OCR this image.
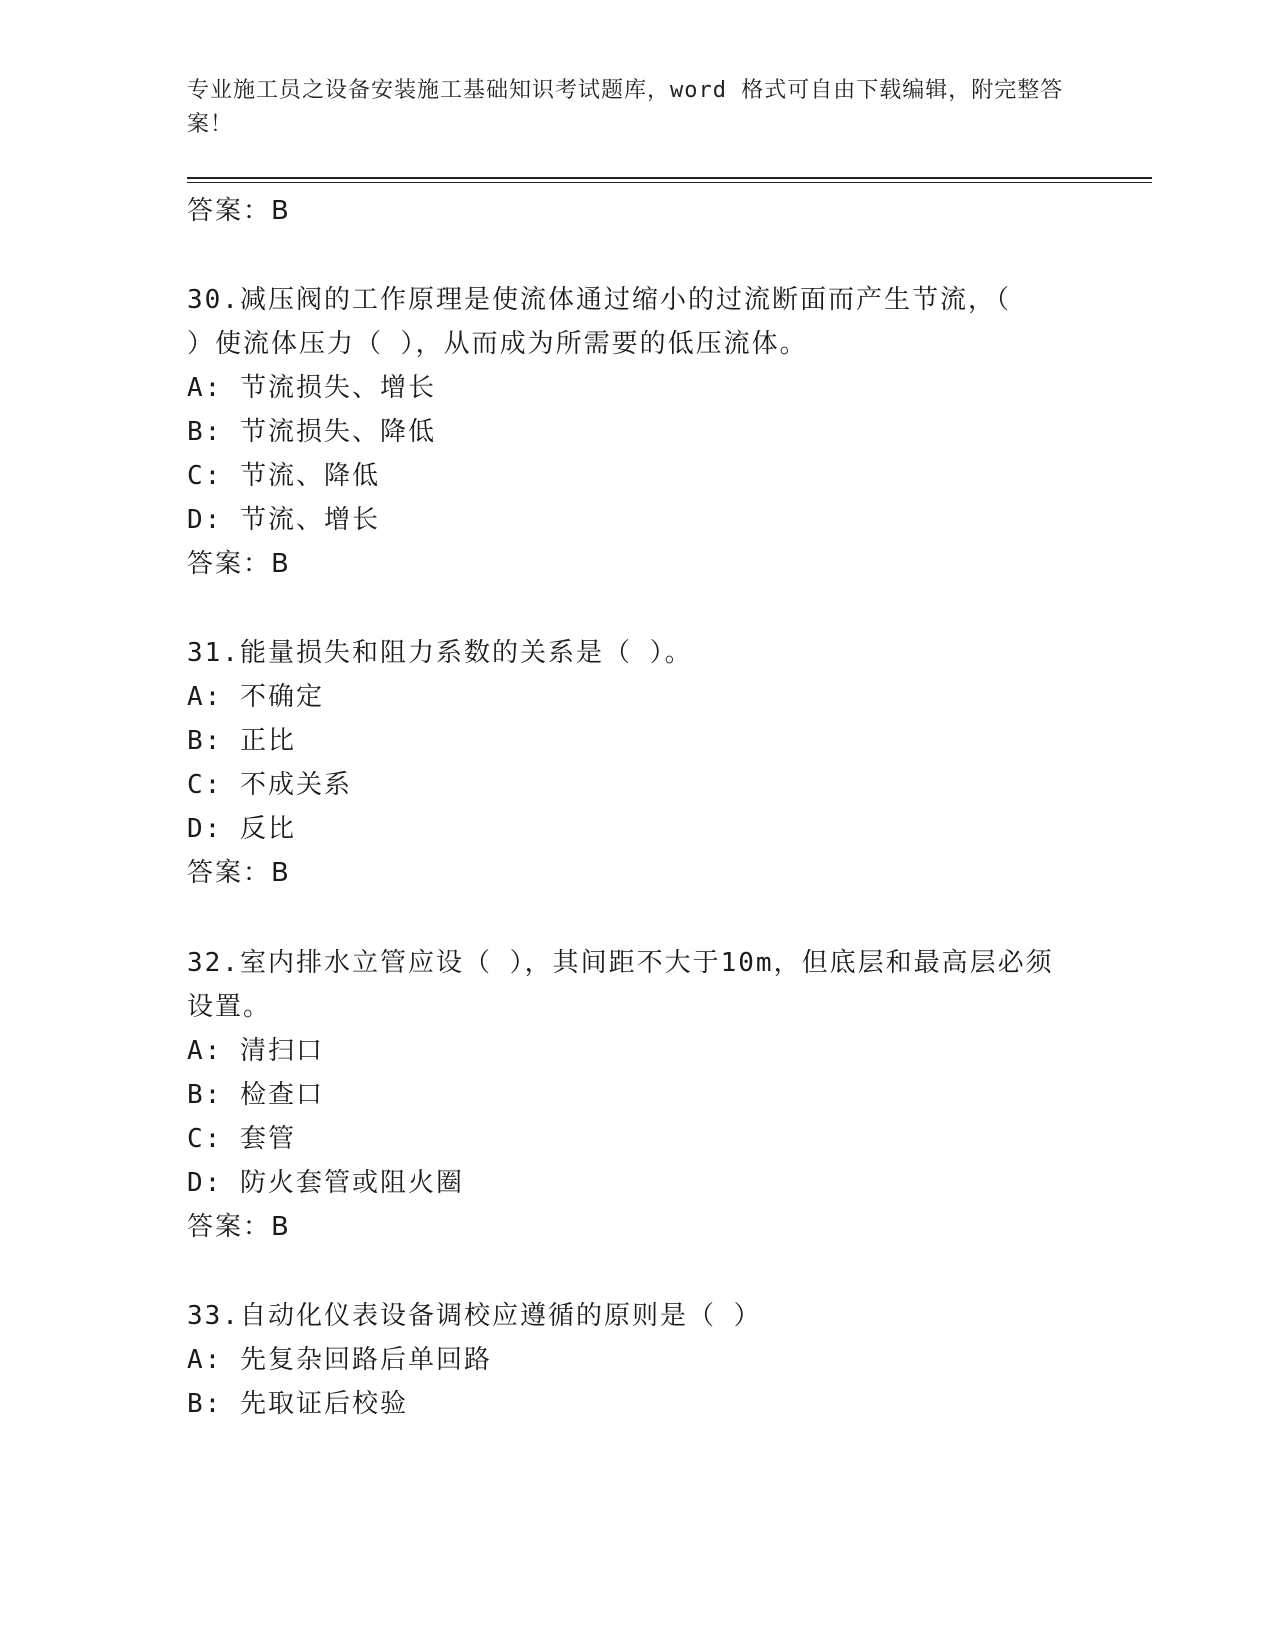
专业施工员之设备安装施工基础知识考试题库，word 格式可自由下载编辑，附完整答案！
答案：B
30.减压阀的工作原理是使流体通过缩小的过流断面而产生节流，（
）使流体压力（ ），从而成为所需要的低压流体。
A: 节流损失、增长
B: 节流损失、降低
C: 节流、降低
D: 节流、增长
答案：B
31.能量损失和阻力系数的关系是（ ）。
A: 不确定
B: 正比
C: 不成关系
D: 反比
答案：B
32.室内排水立管应设（ ），其间距不大于10m，但底层和最高层必须
设置。
A: 清扫口
B: 检查口
C: 套管
D: 防火套管或阻火圈
答案：B
33.自动化仪表设备调校应遵循的原则是（ ）
A: 先复杂回路后单回路
B: 先取证后校验
